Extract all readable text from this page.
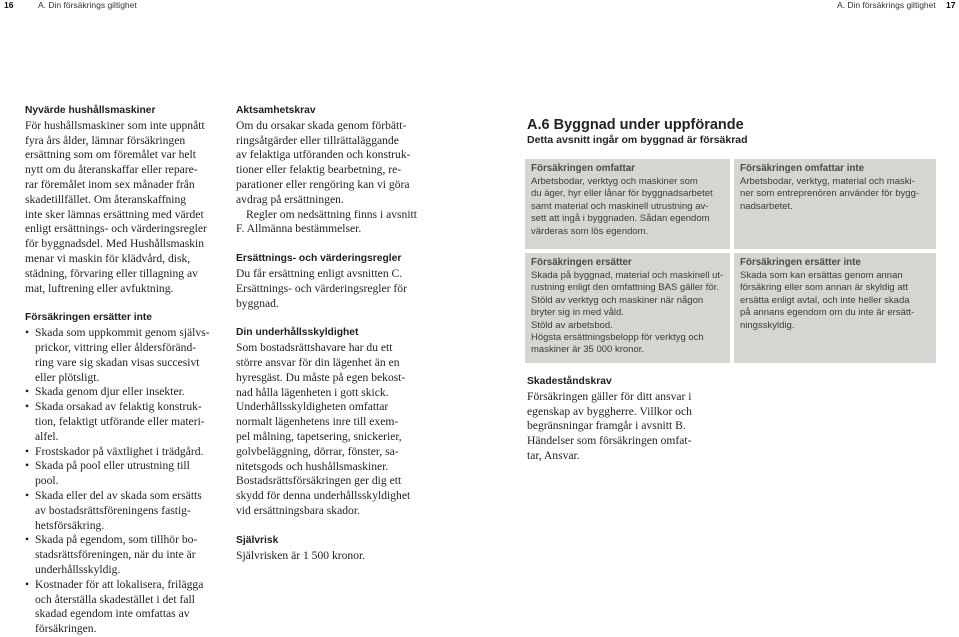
16	A. Din försäkrings giltighet	A. Din försäkrings giltighet 17

Nyvärde hushållsmaskiner

För hushållsmaskiner som inte uppnått
fyra års ålder, lämnar försäkringen
ersättning som om föremålet var helt
nytt om du återanskaffar eller repare-
rar föremålet inom sex månader från
skadetillfället. Om återanskaffning
inte sker lämnas ersättning med värdet
enligt ersättnings- och värderingsregler
för byggnadsdel. Med Hushållsmaskin
menar vi maskin för klädvård, disk,
städning, förvaring eller tillagning av
mat, luftrening eller avfuktning.

Försäkringen ersätter inte

• Skada som uppkommit genom självs-
prickor, vittring eller åldersföränd-
ring vare sig skadan visas succesivt
eller plötsligt.
• Skada genom djur eller insekter.
• Skada orsakad av felaktig konstruk-
tion, felaktigt utförande eller materi-
alfel.
• Frostskador på växtlighet i trädgård.
• Skada på pool eller utrustning till
pool.
• Skada eller del av skada som ersätts
av bostadsrättsföreningens fastig-
hetsförsäkring.
• Skada på egendom, som tillhör bo-
stadsrättsföreningen, när du inte är
underhållsskyldig.
• Kostnader för att lokalisera, frilägga
och återställa skadestället i det fall
skadad egendom inte omfattas av
försäkringen.

Aktsamhetskrav

Om du orsakar skada genom förbätt-
ringsåtgärder eller tillrättaläggande
av felaktiga utföranden och konstruk-
tioner eller felaktig bearbetning, re-
parationer eller rengöring kan vi göra
avdrag på ersättningen.
Regler om nedsättning finns i avsnitt
F. Allmänna bestämmelser.

Ersättnings- och värderingsregler

Du får ersättning enligt avsnitten C.
Ersättnings- och värderingsregler för
byggnad.

Din underhållsskyldighet

Som bostadsrättshavare har du ett
större ansvar för din lägenhet än en
hyresgäst. Du måste på egen bekost-
nad hålla lägenheten i gott skick.
Underhållsskyldigheten omfattar
normalt lägenhetens inre till exem-
pel målning, tapetsering, snickerier,
golvbeläggning, dörrar, fönster, sa-
nitetsgods och hushållsmaskiner.
Bostadsrättsförsäkringen ger dig ett
skydd för denna underhållsskyldighet
vid ersättningsbara skador.

Självrisk

Självrisken är 1 500 kronor.

A.6 Byggnad under uppförande

Detta avsnitt ingår om byggnad är försäkrad

Försäkringen omfattar

Arbetsbodar, verktyg och maskiner som

du äger, hyr eller lånar för byggnadsarbetet

samt material och maskinell utrustning av-

sett att ingå i byggnaden. Sådan egendom

värderas som lös egendom.

Försäkringen omfattar inte

Arbetsbodar, verktyg, material och maski-

ner som entreprenören använder för bygg-

nadsarbetet.

Försäkringen ersätter

Skada på byggnad, material och maskinell ut-

rustning enligt den omfattning BAS gäller för.

Stöld av verktyg och maskiner när någon

bryter sig in med våld.

Stöld av arbetsbod.

Högsta ersättningsbelopp för verktyg och

maskiner är 35 000 kronor.

Försäkringen ersätter inte

Skada som kan ersättas genom annan

försäkring eller som annan är skyldig att

ersätta enligt avtal, och inte heller skada

på annans egendom om du inte är ersätt-

ningsskyldig.

Skadeståndskrav

Försäkringen gäller för ditt ansvar i
egenskap av byggherre. Villkor och
begränsningar framgår i avsnitt B.
Händelser som försäkringen omfat-
tar, Ansvar.
